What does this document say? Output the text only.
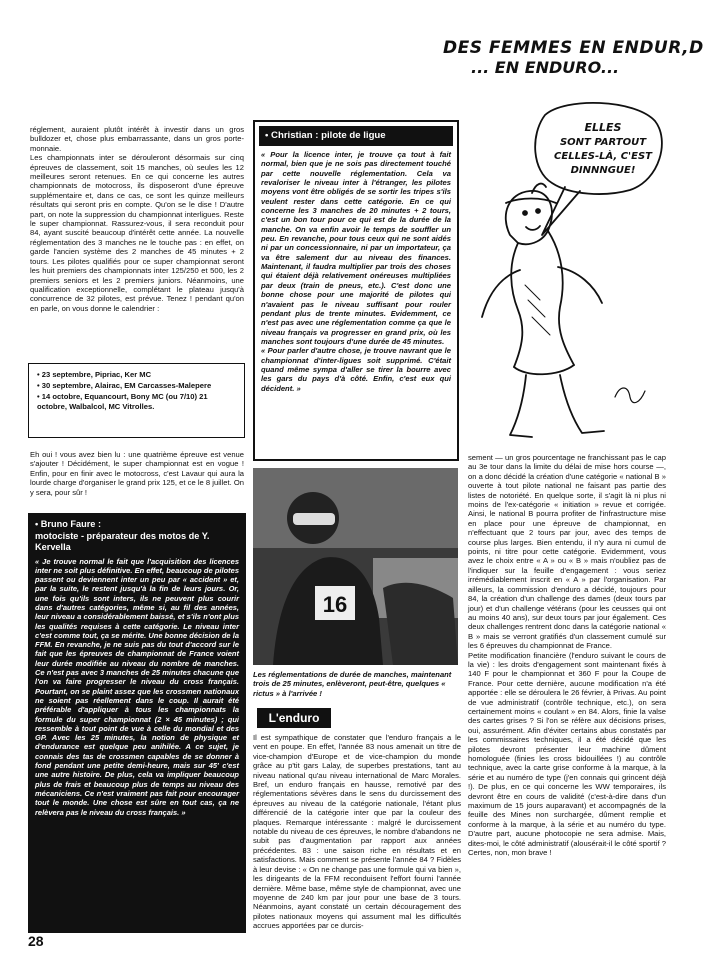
DES FEMMES EN ENDUR,D
... EN ENDURO...
ELLES
SONT PARTOUT
CELLES-LÀ, C'EST
DINNNGUE!

réglement, auraient plutôt intérêt à investir dans un gros bulldozer et, chose plus embarrassante, dans un gros porte-monnaie.

Les championnats inter se dérouleront désormais sur cinq épreuves de classement, soit 15 manches, où seules les 12 meilleures seront retenues. En ce qui concerne les autres championnats de motocross, ils disposeront d'une épreuve supplémentaire et, dans ce cas, ce sont les quinze meilleurs résultats qui seront pris en compte. Qu'on se le dise ! D'autre part, on note la suppression du championnat interligues. Reste le super championnat. Rassurez-vous, il sera reconduit pour 84, ayant suscité beaucoup d'intérêt cette année. La nouvelle réglementation des 3 manches ne le touche pas : en effet, on garde l'ancien système des 2 manches de 45 minutes + 2 tours. Les pilotes qualifiés pour ce super championnat seront les huit premiers des championnats inter 125/250 et 500, les 2 premiers seniors et les 2 premiers juniors. Néanmoins, une qualification exceptionnelle, complétant le plateau jusqu'à concurrence de 32 pilotes, est prévue. Tenez ! pendant qu'on en parle, on vous donne le calendrier :

• 23 septembre, Pipriac, Ker MC
• 30 septembre, Alairac, EM Carcasses-Malepere
• 14 octobre, Equancourt, Bony MC (ou 7/10) 21 octobre, Walbalcol, MC Vitrolles.

Eh oui ! vous avez bien lu : une quatrième épreuve est venue s'ajouter ! Décidément, le super championnat est en vogue ! Enfin, pour en finir avec le motocross, c'est Lavaur qui aura la lourde charge d'organiser le grand prix 125, et ce le 8 juillet. On y sera, pour sûr !

• Christian : pilote de ligue

« Pour la licence inter, je trouve ça tout à fait normal, bien que je ne sois pas directement touché par cette nouvelle réglementation. Cela va revaloriser le niveau inter à l'étranger, les pilotes moyens vont être obligés de se sortir les tripes s'ils veulent rester dans cette catégorie. En ce qui concerne les 3 manches de 20 minutes + 2 tours, c'est un bon tour pour ce qui est de la durée de la manche. On va enfin avoir le temps de souffler un peu. En revanche, pour tous ceux qui ne sont aidés ni par un concessionnaire, ni par un importateur, ça va être salement dur au niveau des finances. Maintenant, il faudra multiplier par trois des choses qui étaient déjà relativement onéreuses multipliées par deux (train de pneus, etc.). C'est donc une bonne chose pour une majorité de pilotes qui n'avaient pas le niveau suffisant pour rouler pendant plus de trente minutes. Evidemment, ce n'est pas avec une réglementation comme ça que le niveau français va progresser en grand prix, où les manches sont toujours d'une durée de 45 minutes.

« Pour parler d'autre chose, je trouve navrant que le championnat d'inter-ligues soit supprimé. C'était quand même sympa d'aller se tirer la bourre avec les gars du pays d'à côté. Enfin, c'est eux qui décident. »

• Bruno Faure :
motociste - préparateur des motos de Y. Kervella

« Je trouve normal le fait que l'acquisition des licences inter ne soit plus définitive. En effet, beaucoup de pilotes passent ou deviennent inter un peu par « accident » et, par la suite, le restent jusqu'à la fin de leurs jours. Or, une fois qu'ils sont inters, ils ne peuvent plus courir dans d'autres catégories, même si, au fil des années, leur niveau a considérablement baissé, et s'ils n'ont plus les qualités requises à cette catégorie. Le niveau inter c'est comme tout, ça se mérite. Une bonne décision de la FFM. En revanche, je ne suis pas du tout d'accord sur le fait que les épreuves de championnat de France voient leur durée modifiée au niveau du nombre de manches. Ce n'est pas avec 3 manches de 25 minutes chacune que l'on va faire progresser le niveau du cross français. Pourtant, on se plaint assez que les crossmen nationaux ne soient pas réellement dans le coup. Il aurait été préférable d'appliquer à tous les championnats la formule du super championnat (2 × 45 minutes) ; qui ressemble à tout point de vue à celle du mondial et des GP. Avec les 25 minutes, la notion de physique et d'endurance est quelque peu anihilée. A ce sujet, je connais des tas de crossmen capables de se donner à fond pendant une petite demi-heure, mais sur 45' c'est une autre histoire. De plus, cela va impliquer beaucoup plus de frais et beaucoup plus de temps au niveau des mécaniciens. Ce n'est vraiment pas fait pour encourager tout le monde. Une chose est sûre en tout cas, ça ne relèvera pas le niveau du cross français. »

16

Les réglementations de durée de manches, maintenant trois de 25 minutes, enlèveront, peut-être, quelques « rictus » à l'arrivée !

L'enduro

Il est sympathique de constater que l'enduro français a le vent en poupe. En effet, l'année 83 nous amenait un titre de vice-champion d'Europe et de vice-champion du monde grâce au p'tit gars Lalay, de superbes prestations, tant au niveau national qu'au niveau international de Marc Morales. Bref, un enduro français en hausse, remotivé par des réglementations sévères dans le sens du durcissement des épreuves au niveau de la catégorie nationale, l'étant plus différencié de la catégorie inter que par la couleur des plaques. Remarque intéressante : malgré le durcissement notable du niveau de ces épreuves, le nombre d'abandons ne subit pas d'augmentation par rapport aux années précédentes. 83 : une saison riche en résultats et en satisfactions. Mais comment se présente l'année 84 ? Fidèles à leur devise : « On ne change pas une formule qui va bien », les dirigeants de la FFM reconduisent l'effort fourni l'année dernière. Même base, même style de championnat, avec une moyenne de 240 km par jour pour une base de 3 tours. Néanmoins, ayant constaté un certain découragement des pilotes nationaux moyens qui assument mal les difficultés accrues apportées par ce durcis-

sement — un gros pourcentage ne franchissant pas le cap au 3e tour dans la limite du délai de mise hors course —, on a donc décidé la création d'une catégorie « national B » ouverte à tout pilote national ne faisant pas partie des listes de notoriété. En quelque sorte, il s'agit là ni plus ni moins de l'ex-catégorie « initiation » revue et corrigée. Ainsi, le national B pourra profiter de l'infrastructure mise en place pour une épreuve de championnat, en n'effectuant que 2 tours par jour, avec des temps de course plus larges. Bien entendu, il n'y aura ni cumul de points, ni titre pour cette catégorie. Evidemment, vous avez le choix entre « A » ou « B » mais n'oubliez pas de l'indiquer sur la feuille d'engagement : vous seriez irrémédiablement inscrit en « A » par l'organisation. Par ailleurs, la commission d'enduro a décidé, toujours pour 84, la création d'un challenge des dames (deux tours par jour) et d'un challenge vétérans (pour les ceusses qui ont au moins 40 ans), sur deux tours par jour également. Ces deux challenges rentrent donc dans la catégorie national « B » mais se verront gratifiés d'un classement cumulé sur les 6 épreuves du championnat de France.

Petite modification financière (l'enduro suivant le cours de la vie) : les droits d'engagement sont maintenant fixés à 140 F pour le championnat et 360 F pour la Coupe de France. Pour cette dernière, aucune modification n'a été apportée : elle se déroulera le 26 février, à Privas. Au point de vue administratif (contrôle technique, etc.), on sera certainement moins « coulant » en 84. Alors, finie la valse des cartes grises ? Si l'on se réfère aux décisions prises, oui, assurément. Afin d'éviter certains abus constatés par les commissaires techniques, il a été décidé que les pilotes devront présenter leur machine dûment homologuée (finies les cross bidouillées !) au contrôle technique, avec la carte grise conforme à la marque, à la série et au numéro de type (j'en connais qui grincent déjà !). De plus, en ce qui concerne les WW temporaires, ils devront être en cours de validité (c'est-à-dire dans d'un maximum de 15 jours auparavant) et accompagnés de la feuille des Mines non surchargée, dûment remplie et conforme à la marque, à la série et au numéro du type. D'autre part, aucune photocopie ne sera admise. Mais, dites-moi, le côté administratif (alousérait-il le côté sportif ? Certes, non, mon brave !

28
